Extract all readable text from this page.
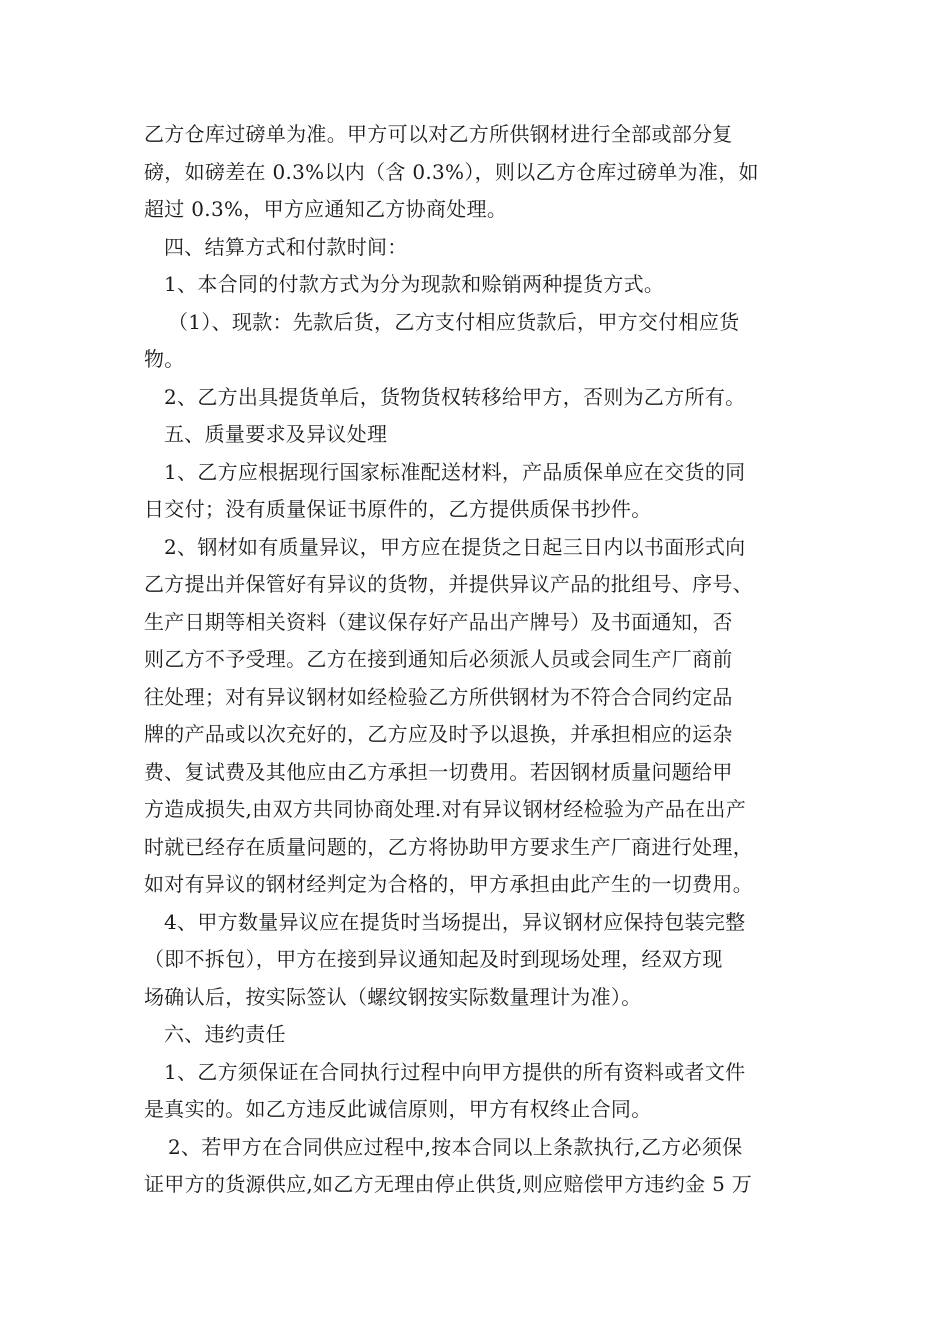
乙方仓库过磅单为准。甲方可以对乙方所供钢材进行全部或部分复
磅，如磅差在 0.3%以内（含 0.3%），则以乙方仓库过磅单为准，如
超过 0.3%，甲方应通知乙方协商处理。
四、结算方式和付款时间：
1、本合同的付款方式为分为现款和赊销两种提货方式。
（1）、现款：先款后货，乙方支付相应货款后，甲方交付相应货
物。
2、乙方出具提货单后，货物货权转移给甲方，否则为乙方所有。
五、质量要求及异议处理
1、乙方应根据现行国家标准配送材料，产品质保单应在交货的同
日交付；没有质量保证书原件的，乙方提供质保书抄件。
2、钢材如有质量异议，甲方应在提货之日起三日内以书面形式向
乙方提出并保管好有异议的货物，并提供异议产品的批组号、序号、
生产日期等相关资料（建议保存好产品出产牌号）及书面通知，否
则乙方不予受理。乙方在接到通知后必须派人员或会同生产厂商前
往处理；对有异议钢材如经检验乙方所供钢材为不符合合同约定品
牌的产品或以次充好的，乙方应及时予以退换，并承担相应的运杂
费、复试费及其他应由乙方承担一切费用。若因钢材质量问题给甲
方造成损失,由双方共同协商处理.对有异议钢材经检验为产品在出产
时就已经存在质量问题的，乙方将协助甲方要求生产厂商进行处理，
如对有异议的钢材经判定为合格的，甲方承担由此产生的一切费用。
4、甲方数量异议应在提货时当场提出，异议钢材应保持包装完整
（即不拆包），甲方在接到异议通知起及时到现场处理，经双方现
场确认后，按实际签认（螺纹钢按实际数量理计为准）。
六、违约责任
1、乙方须保证在合同执行过程中向甲方提供的所有资料或者文件
是真实的。如乙方违反此诚信原则，甲方有权终止合同。
2、若甲方在合同供应过程中,按本合同以上条款执行,乙方必须保
证甲方的货源供应,如乙方无理由停止供货,则应赔偿甲方违约金 5 万
